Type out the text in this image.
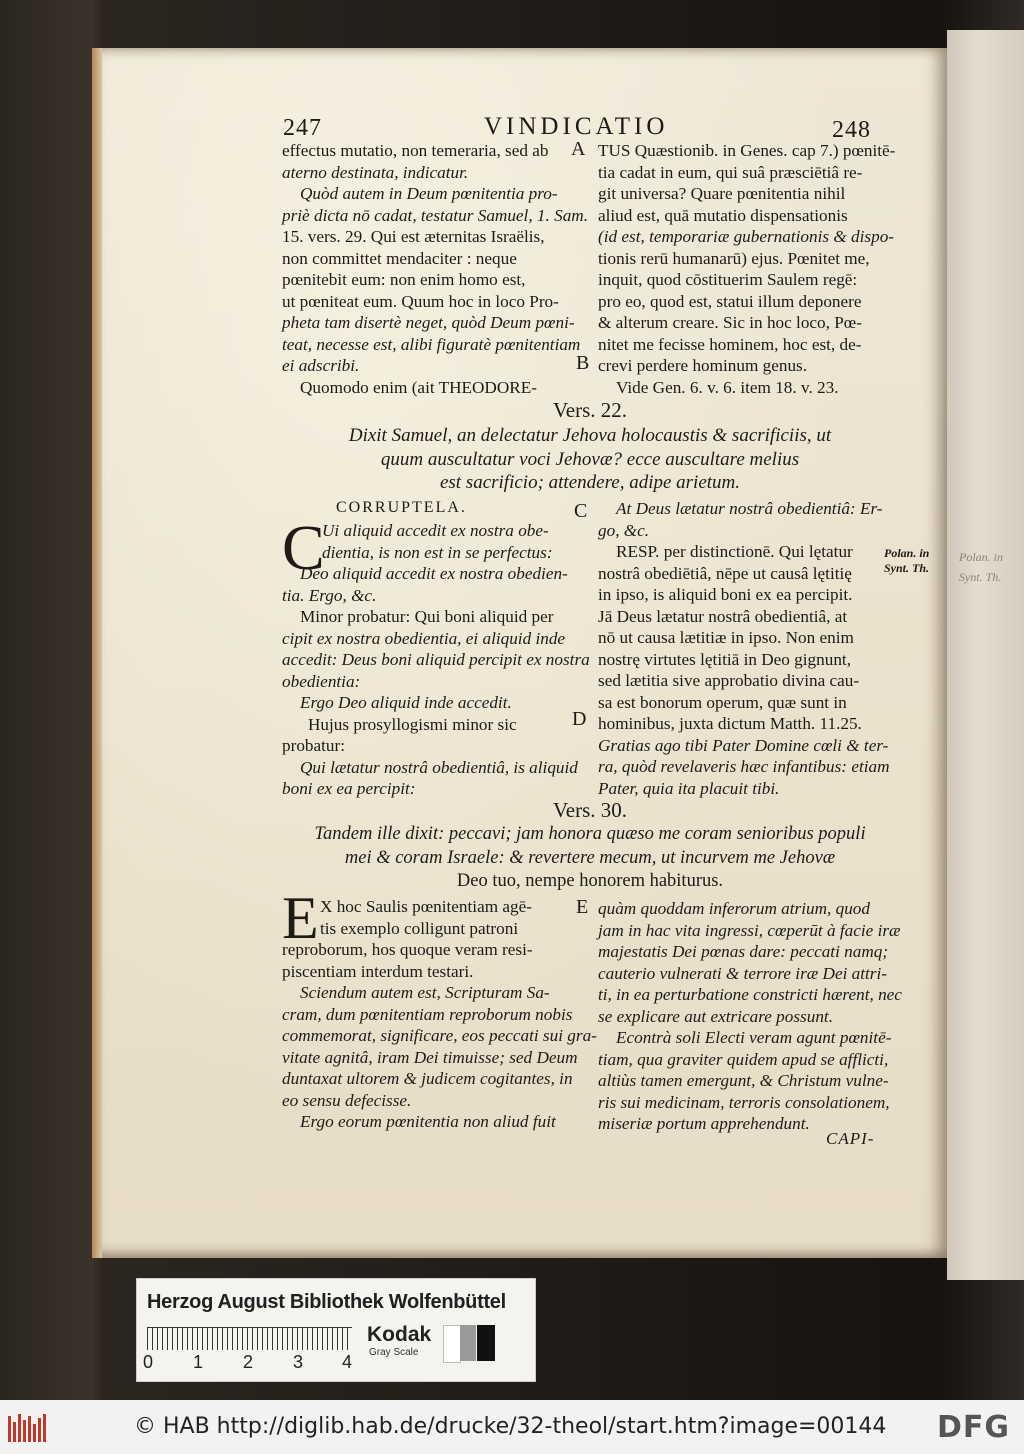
Polan. in
Synt. Th.
247	VINDICATIO	248
effectus mutatio, non temeraria, sed ab
aterno destinata, indicatur.
Quòd autem in Deum pœnitentia pro-
priè dicta nō cadat, testatur Samuel, 1. Sam.
15. vers. 29. Qui est æternitas Israëlis,
non committet mendaciter : neque
pœnitebit eum: non enim homo est,
ut pœniteat eum. Quum hoc in loco Pro-
pheta tam disertè neget, quòd Deum pœni-
teat, necesse est, alibi figuratè pœnitentiam
ei adscribi.
Quomodo enim (ait THEODORE-
TUS Quæstionib. in Genes. cap 7.) pœnitē-
tia cadat in eum, qui suâ præsciētiâ re-
git universa? Quare pœnitentia nihil
aliud est, quā mutatio dispensationis
(id est, temporariæ gubernationis & dispo-
tionis rerū humanarū) ejus. Pœnitet me,
inquit, quod cōstituerim Saulem regē:
pro eo, quod est, statui illum deponere
& alterum creare. Sic in hoc loco, Pœ-
nitet me fecisse hominem, hoc est, de-
crevi perdere hominum genus.
Vide Gen. 6. v. 6. item 18. v. 23.
A
B
Vers. 22.
Dixit Samuel, an delectatur Jehova holocaustis & sacrificiis, ut
quum auscultatur voci Jehovæ? ecce auscultare melius
est sacrificio; attendere, adipe arietum.
CORRUPTELA.	C
C
Ui aliquid accedit ex nostra obe-
dientia, is non est in se perfectus:
Deo aliquid accedit ex nostra obedien-
tia. Ergo, &c.
Minor probatur: Qui boni aliquid per
cipit ex nostra obedientia, ei aliquid inde
accedit: Deus boni aliquid percipit ex nostra
obedientia:
Ergo Deo aliquid inde accedit.
Hujus prosyllogismi minor sic
probatur:
Qui lætatur nostrâ obedientiâ, is aliquid
boni ex ea percipit:
At Deus lætatur nostrâ obedientiâ: Er-
go, &c.
RESP. per distinctionē. Qui lętatur
nostrâ obediētiâ, nēpe ut causâ lętitię
in ipso, is aliquid boni ex ea percipit.
Jā Deus lætatur nostrâ obedientiâ, at
nō ut causa lætitiæ in ipso. Non enim
nostrę virtutes lętitiā in Deo gignunt,
sed lætitia sive approbatio divina cau-
sa est bonorum operum, quæ sunt in
hominibus, juxta dictum Matth. 11.25.
Gratias ago tibi Pater Domine cœli & ter-
ra, quòd revelaveris hæc infantibus: etiam
Pater, quia ita placuit tibi.
D
Polan. in
Synt. Th.
Vers. 30.
Tandem ille dixit: peccavi; jam honora quæso me coram senioribus populi
mei & coram Israele: & revertere mecum, ut incurvem me Jehovæ
Deo tuo, nempe honorem habiturus.
E X hoc Saulis pœnitentiam agē-
tis exemplo colligunt patroni
reproborum, hos quoque veram resi-
piscentiam interdum testari.
Sciendum autem est, Scripturam Sa-
cram, dum pœnitentiam reproborum nobis
commemorat, significare, eos peccati sui gra-
vitate agnitâ, iram Dei timuisse; sed Deum
duntaxat ultorem & judicem cogitantes, in
eo sensu defecisse.
Ergo eorum pœnitentia non aliud fuit
E quàm quoddam inferorum atrium, quod
jam in hac vita ingressi, cœperūt à facie iræ
majestatis Dei pœnas dare: peccati namq;
cauterio vulnerati & terrore iræ Dei attri-
ti, in ea perturbatione constricti hærent, nec
se explicare aut extricare possunt.
Econtrà soli Electi veram agunt pœnitē-
tiam, qua graviter quidem apud se afflicti,
altiùs tamen emergunt, & Christum vulne-
ris sui medicinam, terroris consolationem,
miseriæ portum apprehendunt.
CAPI-
Herzog August Bibliothek Wolfenbüttel
0 1 2 3 4
Kodak
Gray Scale
© HAB http://diglib.hab.de/drucke/32-theol/start.htm?image=00144 DFG
